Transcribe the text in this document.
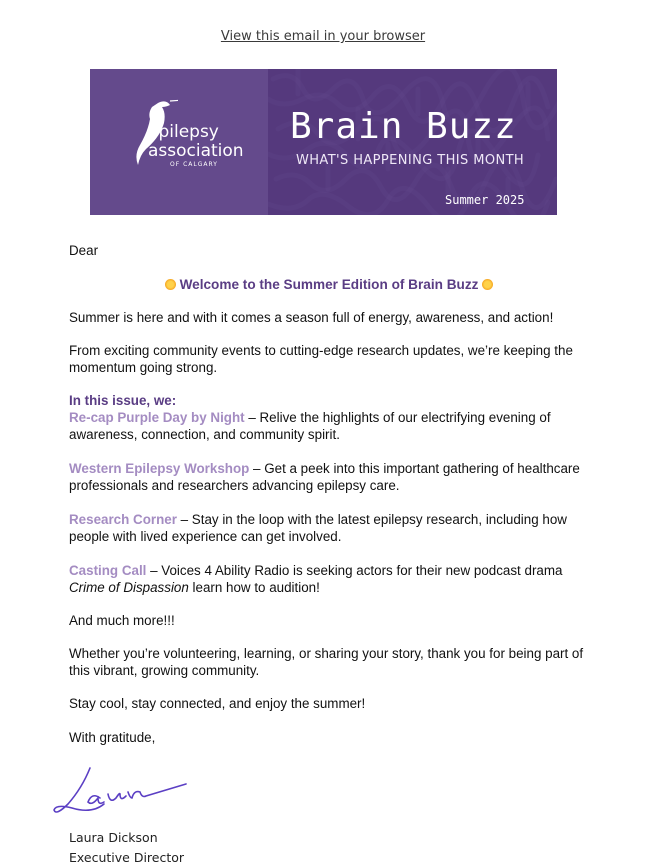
View this email in your browser
epilepsy
association
OF CALGARY
Brain Buzz
WHAT'S HAPPENING THIS MONTH
Summer 2025

Dear

Welcome to the Summer Edition of Brain Buzz

Summer is here and with it comes a season full of energy, awareness, and action!

From exciting community events to cutting-edge research updates, we’re keeping the momentum going strong.

In this issue, we:

Re-cap Purple Day by Night – Relive the highlights of our electrifying evening of awareness, connection, and community spirit.

Western Epilepsy Workshop – Get a peek into this important gathering of healthcare professionals and researchers advancing epilepsy care.

Research Corner – Stay in the loop with the latest epilepsy research, including how people with lived experience can get involved.

Casting Call – Voices 4 Ability Radio is seeking actors for their new podcast drama Crime of Dispassion learn how to audition!

And much more!!!

Whether you’re volunteering, learning, or sharing your story, thank you for being part of this vibrant, growing community.

Stay cool, stay connected, and enjoy the summer!

With gratitude,

Laura Dickson
Executive Director
